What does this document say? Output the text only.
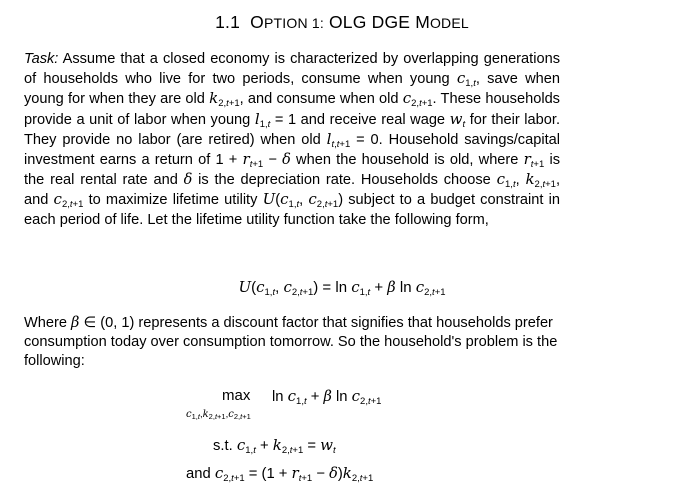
1.1 OPTION 1: OLG DGE MODEL
Task: Assume that a closed economy is characterized by overlapping generations of households who live for two periods, consume when young $c_{1,t}$, save when young for when they are old $k_{2,t+1}$, and consume when old $c_{2,t+1}$. These households provide a unit of labor when young $l_{1,t} = 1$ and receive real wage $w_t$ for their labor. They provide no labor (are retired) when old $l_{t,t+1} = 0$. Household savings/capital investment earns a return of $1 + r_{t+1} - \delta$ when the household is old, where $r_{t+1}$ is the real rental rate and δ is the depreciation rate. Households choose $c_{1,t}$, $k_{2,t+1}$, and $c_{2,t+1}$ to maximize lifetime utility $U(c_{1,t}$, $c_{2,t+1}$) subject to a budget constraint in each period of life. Let the lifetime utility function take the following form,
$U(c_{1,t}$, $c_{2,t+1}) = \ln c_{1,t} + \beta$ $\ln c_{2,t+1}$
Where β ∈ (0, 1) represents a discount factor that signifies that households prefer consumption today over consumption tomorrow. So the household's problem is the following:
max
$c_{1,t},k_{2,t+1},c_{2,t+1}$
$\ln c_{1,t} + \beta$ $\ln c_{2,t+1}$
s.t. $c_{1,t} + k_{2,t+1} = w_t$
and $c_{2,t+1} = (1 + r_{t+1} - \delta)k_{2,t+1}$
